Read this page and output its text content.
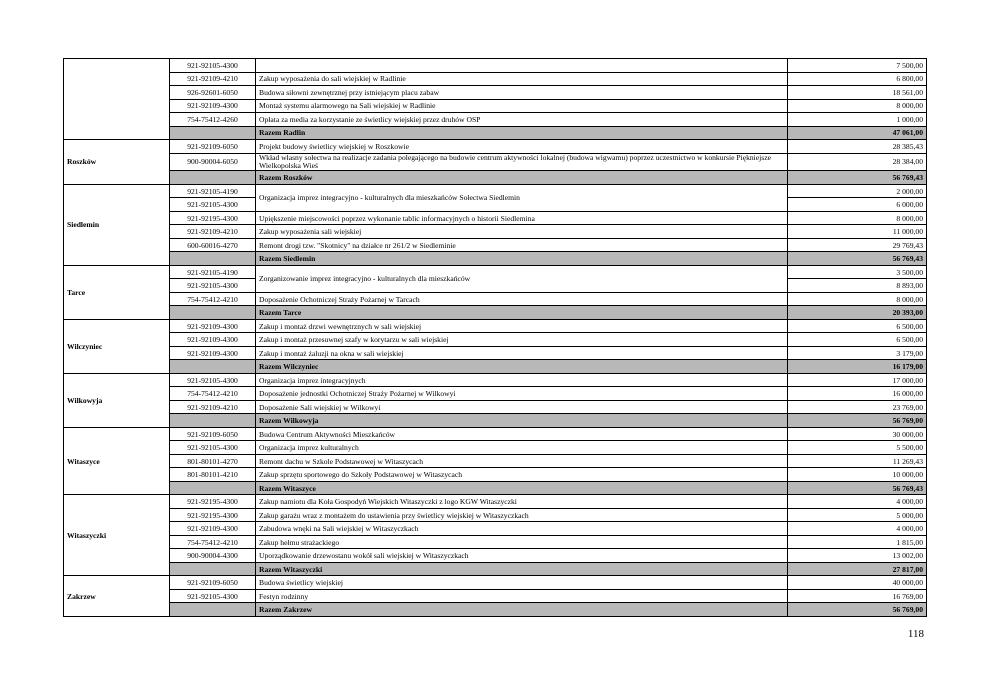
	921-92105-4300		7 500,00
	921-92109-4210	Zakup wyposażenia do sali wiejskiej w Radlinie	6 800,00
	926-92601-6050	Budowa siłowni zewnętrznej przy istniejącym placu zabaw	18 561,00
	921-92109-4300	Montaż systemu alarmowego na Sali wiejskiej w Radlinie	8 000,00
	754-75412-4260	Opłata za media za korzystanie ze świetlicy wiejskiej przez druhów OSP	1 000,00
		Razem Radlin	47 061,00
Roszków	921-92109-6050	Projekt budowy świetlicy wiejskiej w Roszkowie	28 385,43
	900-90004-6050	Wkład własny sołectwa na realizacje zadania polegającego na budowie centrum aktywności lokalnej (budowa wigwamu) poprzez uczestnictwo w konkursie Piękniejsze Wielkopolska Wieś	28 384,00
		Razem Roszków	56 769,43
Siedlemin	921-92105-4190	Organizacja imprez integracyjno - kulturalnych dla mieszkańców Sołectwa Siedlemin	2 000,00
	921-92105-4300		6 000,00
	921-92195-4300	Upiększenie miejscowości poprzez wykonanie tablic informacyjnych o historii Siedlemina	8 000,00
	921-92109-4210	Zakup wyposażenia sali wiejskiej	11 000,00
	600-60016-4270	Remont drogi tzw. "Skotnicy" na działce nr 261/2 w Siedleminie	29 769,43
		Razem Siedlemin	56 769,43
Tarce	921-92105-4190	Zorganizowanie imprez integracyjno - kulturalnych dla mieszkańców	3 500,00
	921-92105-4300		8 893,00
	754-75412-4210	Doposażenie Ochotniczej Straży Pożarnej w Tarcach	8 000,00
		Razem Tarce	20 393,00
Wilczyniec	921-92109-4300	Zakup i montaż drzwi wewnętrznych w sali wiejskiej	6 500,00
	921-92109-4300	Zakup i montaż przesuwnej szafy w korytarzu w sali wiejskiej	6 500,00
	921-92109-4300	Zakup i montaż żaluzji na okna w sali wiejskiej	3 179,00
		Razem Wilczyniec	16 179,00
Wilkowyja	921-92105-4300	Organizacja imprez integracyjnych	17 000,00
	754-75412-4210	Doposażenie jednostki Ochotniczej Straży Pożarnej w Wilkowyi	16 000,00
	921-92109-4210	Doposażenie Sali wiejskiej w Wilkowyi	23 769,00
		Razem Wilkowyja	56 769,00
Witaszyce	921-92109-6050	Budowa Centrum Aktywności Mieszkańców	30 000,00
	921-92105-4300	Organizacja imprez kulturalnych	5 500,00
	801-80101-4270	Remont dachu w Szkole Podstawowej w Witaszycach	11 269,43
	801-80101-4210	Zakup sprzętu sportowego do Szkoły Podstawowej w Witaszycach	10 000,00
		Razem Witaszyce	56 769,43
Witaszyczki	921-92195-4300	Zakup namiotu dla Koła Gospodyń Wiejskich Witaszyczki z logo KGW Witaszyczki	4 000,00
	921-92195-4300	Zakup garażu wraz z montażem do ustawienia przy świetlicy wiejskiej w Witaszyczkach	5 000,00
	921-92109-4300	Zabudowa wnęki na Sali wiejskiej w Witaszyczkach	4 000,00
	754-75412-4210	Zakup hełmu strażackiego	1 815,00
	900-90004-4300	Uporządkowanie drzewostanu wokół sali wiejskiej w Witaszyczkach	13 002,00
		Razem Witaszyczki	27 817,00
Zakrzew	921-92109-6050	Budowa świetlicy wiejskiej	40 000,00
	921-92105-4300	Festyn rodzinny	16 769,00
		Razem Zakrzew	56 769,00
118
